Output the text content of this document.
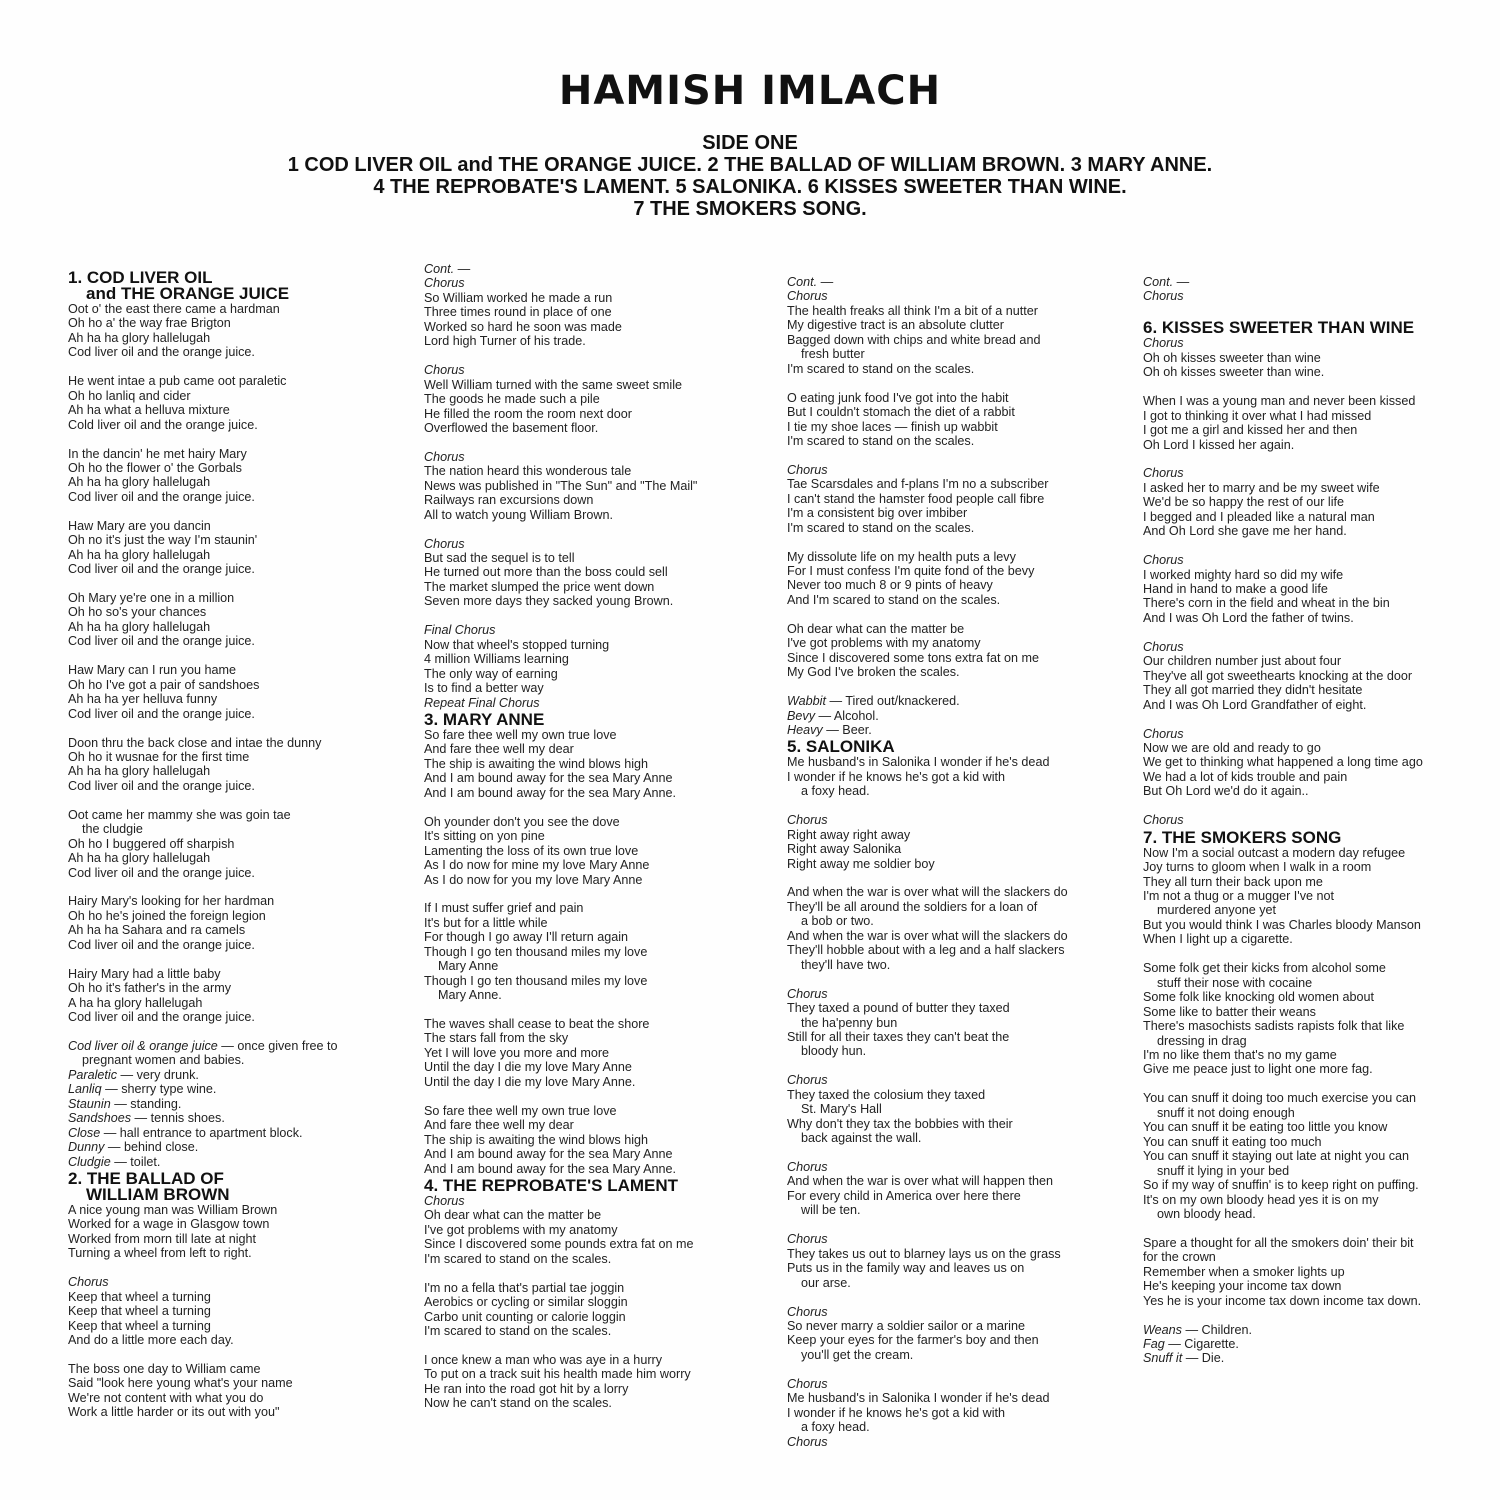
HAMISH IMLACH
SIDE ONE
1 COD LIVER OIL and THE ORANGE JUICE. 2 THE BALLAD OF WILLIAM BROWN. 3 MARY ANNE.
4 THE REPROBATE'S LAMENT. 5 SALONIKA. 6 KISSES SWEETER THAN WINE.
7 THE SMOKERS SONG.
1. COD LIVER OIL
and THE ORANGE JUICE
Oot o' the east there came a hardman
Oh ho a' the way frae Brigton
Ah ha ha glory hallelugah
Cod liver oil and the orange juice.
He went intae a pub came oot paraletic
Oh ho lanliq and cider
Ah ha what a helluva mixture
Cold liver oil and the orange juice.
In the dancin' he met hairy Mary
Oh ho the flower o' the Gorbals
Ah ha ha glory hallelugah
Cod liver oil and the orange juice.
Haw Mary are you dancin
Oh no it's just the way I'm staunin'
Ah ha ha glory hallelugah
Cod liver oil and the orange juice.
Oh Mary ye're one in a million
Oh ho so's your chances
Ah ha ha glory hallelugah
Cod liver oil and the orange juice.
Haw Mary can I run you hame
Oh ho I've got a pair of sandshoes
Ah ha ha yer helluva funny
Cod liver oil and the orange juice.
Doon thru the back close and intae the dunny
Oh ho it wusnae for the first time
Ah ha ha glory hallelugah
Cod liver oil and the orange juice.
Oot came her mammy she was goin tae
the cludgie
Oh ho I buggered off sharpish
Ah ha ha glory hallelugah
Cod liver oil and the orange juice.
Hairy Mary's looking for her hardman
Oh ho he's joined the foreign legion
Ah ha ha Sahara and ra camels
Cod liver oil and the orange juice.
Hairy Mary had a little baby
Oh ho it's father's in the army
A ha ha glory hallelugah
Cod liver oil and the orange juice.
Cod liver oil & orange juice — once given free to
pregnant women and babies.
Paraletic — very drunk.
Lanliq — sherry type wine.
Staunin — standing.
Sandshoes — tennis shoes.
Close — hall entrance to apartment block.
Dunny — behind close.
Cludgie — toilet.
2. THE BALLAD OF
WILLIAM BROWN
A nice young man was William Brown
Worked for a wage in Glasgow town
Worked from morn till late at night
Turning a wheel from left to right.
Chorus
Keep that wheel a turning
Keep that wheel a turning
Keep that wheel a turning
And do a little more each day.
The boss one day to William came
Said "look here young what's your name
We're not content with what you do
Work a little harder or its out with you"
Cont. —
Chorus
So William worked he made a run
Three times round in place of one
Worked so hard he soon was made
Lord high Turner of his trade.
Chorus
Well William turned with the same sweet smile
The goods he made such a pile
He filled the room the room next door
Overflowed the basement floor.
Chorus
The nation heard this wonderous tale
News was published in "The Sun" and "The Mail"
Railways ran excursions down
All to watch young William Brown.
Chorus
But sad the sequel is to tell
He turned out more than the boss could sell
The market slumped the price went down
Seven more days they sacked young Brown.
Final Chorus
Now that wheel's stopped turning
4 million Williams learning
The only way of earning
Is to find a better way
Repeat Final Chorus
3. MARY ANNE
So fare thee well my own true love
And fare thee well my dear
The ship is awaiting the wind blows high
And I am bound away for the sea Mary Anne
And I am bound away for the sea Mary Anne.
Oh younder don't you see the dove
It's sitting on yon pine
Lamenting the loss of its own true love
As I do now for mine my love Mary Anne
As I do now for you my love Mary Anne
If I must suffer grief and pain
It's but for a little while
For though I go away I'll return again
Though I go ten thousand miles my love
Mary Anne
Though I go ten thousand miles my love
Mary Anne.
The waves shall cease to beat the shore
The stars fall from the sky
Yet I will love you more and more
Until the day I die my love Mary Anne
Until the day I die my love Mary Anne.
So fare thee well my own true love
And fare thee well my dear
The ship is awaiting the wind blows high
And I am bound away for the sea Mary Anne
And I am bound away for the sea Mary Anne.
4. THE REPROBATE'S LAMENT
Chorus
Oh dear what can the matter be
I've got problems with my anatomy
Since I discovered some pounds extra fat on me
I'm scared to stand on the scales.
I'm no a fella that's partial tae joggin
Aerobics or cycling or similar sloggin
Carbo unit counting or calorie loggin
I'm scared to stand on the scales.
I once knew a man who was aye in a hurry
To put on a track suit his health made him worry
He ran into the road got hit by a lorry
Now he can't stand on the scales.
Cont. —
Chorus
The health freaks all think I'm a bit of a nutter
My digestive tract is an absolute clutter
Bagged down with chips and white bread and
fresh butter
I'm scared to stand on the scales.
O eating junk food I've got into the habit
But I couldn't stomach the diet of a rabbit
I tie my shoe laces — finish up wabbit
I'm scared to stand on the scales.
Chorus
Tae Scarsdales and f-plans I'm no a subscriber
I can't stand the hamster food people call fibre
I'm a consistent big over imbiber
I'm scared to stand on the scales.
My dissolute life on my health puts a levy
For I must confess I'm quite fond of the bevy
Never too much 8 or 9 pints of heavy
And I'm scared to stand on the scales.
Oh dear what can the matter be
I've got problems with my anatomy
Since I discovered some tons extra fat on me
My God I've broken the scales.
Wabbit — Tired out/knackered.
Bevy — Alcohol.
Heavy — Beer.
5. SALONIKA
Me husband's in Salonika I wonder if he's dead
I wonder if he knows he's got a kid with
a foxy head.
Chorus
Right away right away
Right away Salonika
Right away me soldier boy
And when the war is over what will the slackers do
They'll be all around the soldiers for a loan of
a bob or two.
And when the war is over what will the slackers do
They'll hobble about with a leg and a half slackers
they'll have two.
Chorus
They taxed a pound of butter they taxed
the ha'penny bun
Still for all their taxes they can't beat the
bloody hun.
Chorus
They taxed the colosium they taxed
St. Mary's Hall
Why don't they tax the bobbies with their
back against the wall.
Chorus
And when the war is over what will happen then
For every child in America over here there
will be ten.
Chorus
They takes us out to blarney lays us on the grass
Puts us in the family way and leaves us on
our arse.
Chorus
So never marry a soldier sailor or a marine
Keep your eyes for the farmer's boy and then
you'll get the cream.
Chorus
Me husband's in Salonika I wonder if he's dead
I wonder if he knows he's got a kid with
a foxy head.
Chorus
Cont. —
Chorus
6. KISSES SWEETER THAN WINE
Chorus
Oh oh kisses sweeter than wine
Oh oh kisses sweeter than wine.
When I was a young man and never been kissed
I got to thinking it over what I had missed
I got me a girl and kissed her and then
Oh Lord I kissed her again.
Chorus
I asked her to marry and be my sweet wife
We'd be so happy the rest of our life
I begged and I pleaded like a natural man
And Oh Lord she gave me her hand.
Chorus
I worked mighty hard so did my wife
Hand in hand to make a good life
There's corn in the field and wheat in the bin
And I was Oh Lord the father of twins.
Chorus
Our children number just about four
They've all got sweethearts knocking at the door
They all got married they didn't hesitate
And I was Oh Lord Grandfather of eight.
Chorus
Now we are old and ready to go
We get to thinking what happened a long time ago
We had a lot of kids trouble and pain
But Oh Lord we'd do it again..
Chorus
7. THE SMOKERS SONG
Now I'm a social outcast a modern day refugee
Joy turns to gloom when I walk in a room
They all turn their back upon me
I'm not a thug or a mugger I've not
murdered anyone yet
But you would think I was Charles bloody Manson
When I light up a cigarette.
Some folk get their kicks from alcohol some
stuff their nose with cocaine
Some folk like knocking old women about
Some like to batter their weans
There's masochists sadists rapists folk that like
dressing in drag
I'm no like them that's no my game
Give me peace just to light one more fag.
You can snuff it doing too much exercise you can
snuff it not doing enough
You can snuff it be eating too little you know
You can snuff it eating too much
You can snuff it staying out late at night you can
snuff it lying in your bed
So if my way of snuffin' is to keep right on puffing.
It's on my own bloody head yes it is on my
own bloody head.
Spare a thought for all the smokers doin' their bit
for the crown
Remember when a smoker lights up
He's keeping your income tax down
Yes he is your income tax down income tax down.
Weans — Children.
Fag — Cigarette.
Snuff it — Die.
